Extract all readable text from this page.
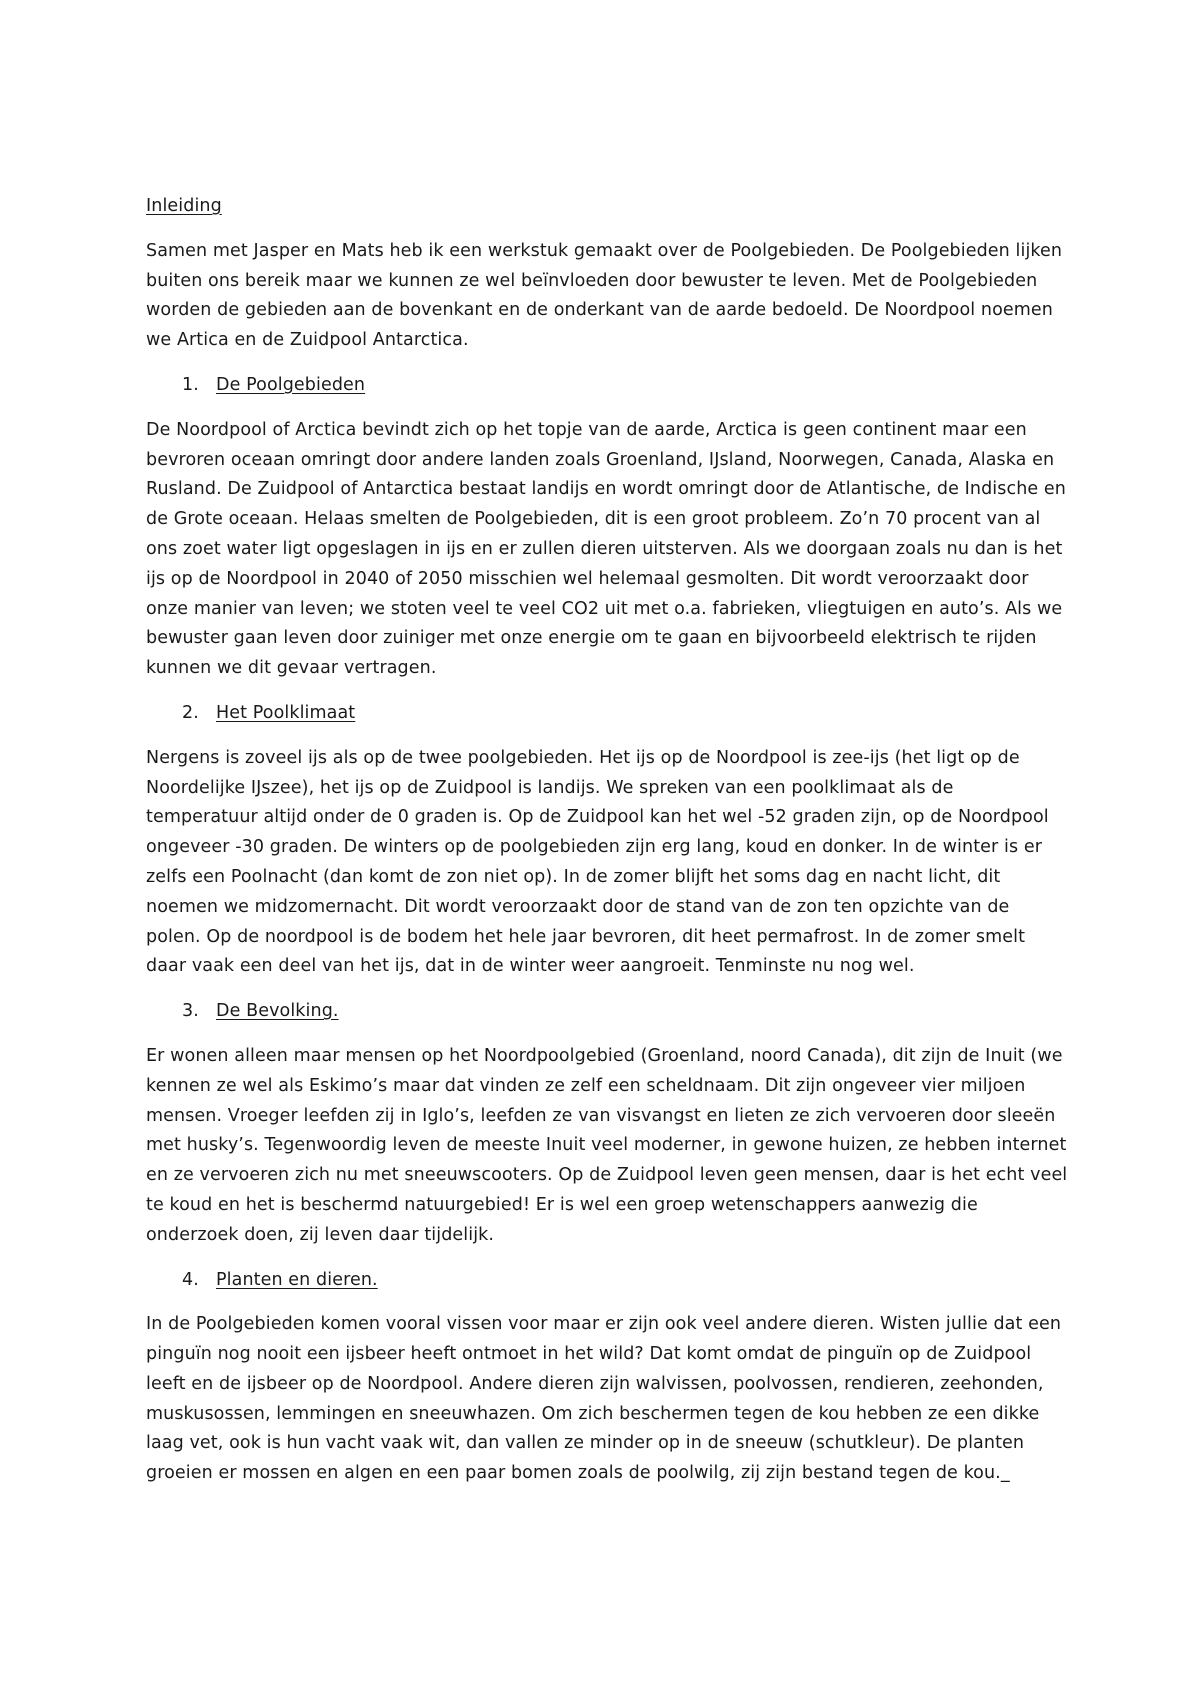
Inleiding

Samen met Jasper en Mats heb ik een werkstuk gemaakt over de Poolgebieden. De Poolgebieden lijken buiten ons bereik maar we kunnen ze wel beïnvloeden door bewuster te leven. Met de Poolgebieden worden de gebieden aan de bovenkant en de onderkant van de aarde bedoeld. De Noordpool noemen we Artica en de Zuidpool Antarctica.

1. De Poolgebieden

De Noordpool of Arctica bevindt zich op het topje van de aarde, Arctica is geen continent maar een bevroren oceaan omringt door andere landen zoals Groenland, IJsland, Noorwegen, Canada, Alaska en Rusland. De Zuidpool of Antarctica bestaat landijs en wordt omringt door de Atlantische, de Indische en de Grote oceaan. Helaas smelten de Poolgebieden, dit is een groot probleem. Zo’n 70 procent van al ons zoet water ligt opgeslagen in ijs en er zullen dieren uitsterven. Als we doorgaan zoals nu dan is het ijs op de Noordpool in 2040 of 2050 misschien wel helemaal gesmolten. Dit wordt veroorzaakt door onze manier van leven; we stoten veel te veel CO2 uit met o.a. fabrieken, vliegtuigen en auto’s. Als we bewuster gaan leven door zuiniger met onze energie om te gaan en bijvoorbeeld elektrisch te rijden kunnen we dit gevaar vertragen.

2. Het Poolklimaat

Nergens is zoveel ijs als op de twee poolgebieden. Het ijs op de Noordpool is zee-ijs (het ligt op de Noordelijke IJszee), het ijs op de Zuidpool is landijs. We spreken van een poolklimaat als de temperatuur altijd onder de 0 graden is. Op de Zuidpool kan het wel -52 graden zijn, op de Noordpool ongeveer -30 graden. De winters op de poolgebieden zijn erg lang, koud en donker. In de winter is er zelfs een Poolnacht (dan komt de zon niet op). In de zomer blijft het soms dag en nacht licht, dit noemen we midzomernacht. Dit wordt veroorzaakt door de stand van de zon ten opzichte van de polen. Op de noordpool is de bodem het hele jaar bevroren, dit heet permafrost. In de zomer smelt daar vaak een deel van het ijs, dat in de winter weer aangroeit. Tenminste nu nog wel.

3. De Bevolking.

Er wonen alleen maar mensen op het Noordpoolgebied (Groenland, noord Canada), dit zijn de Inuit (we kennen ze wel als Eskimo’s maar dat vinden ze zelf een scheldnaam. Dit zijn ongeveer vier miljoen mensen. Vroeger leefden zij in Iglo’s, leefden ze van visvangst en lieten ze zich vervoeren door sleeën met husky’s. Tegenwoordig leven de meeste Inuit veel moderner, in gewone huizen, ze hebben internet en ze vervoeren zich nu met sneeuwscooters. Op de Zuidpool leven geen mensen, daar is het echt veel te koud en het is beschermd natuurgebied! Er is wel een groep wetenschappers aanwezig die onderzoek doen, zij leven daar tijdelijk.

4. Planten en dieren.

In de Poolgebieden komen vooral vissen voor maar er zijn ook veel andere dieren. Wisten jullie dat een pinguïn nog nooit een ijsbeer heeft ontmoet in het wild? Dat komt omdat de pinguïn op de Zuidpool leeft en de ijsbeer op de Noordpool. Andere dieren zijn walvissen, poolvossen, rendieren, zeehonden, muskusossen, lemmingen en sneeuwhazen. Om zich beschermen tegen de kou hebben ze een dikke laag vet, ook is hun vacht vaak wit, dan vallen ze minder op in de sneeuw (schutkleur). De planten groeien er mossen en algen en een paar bomen zoals de poolwilg, zij zijn bestand tegen de kou._
